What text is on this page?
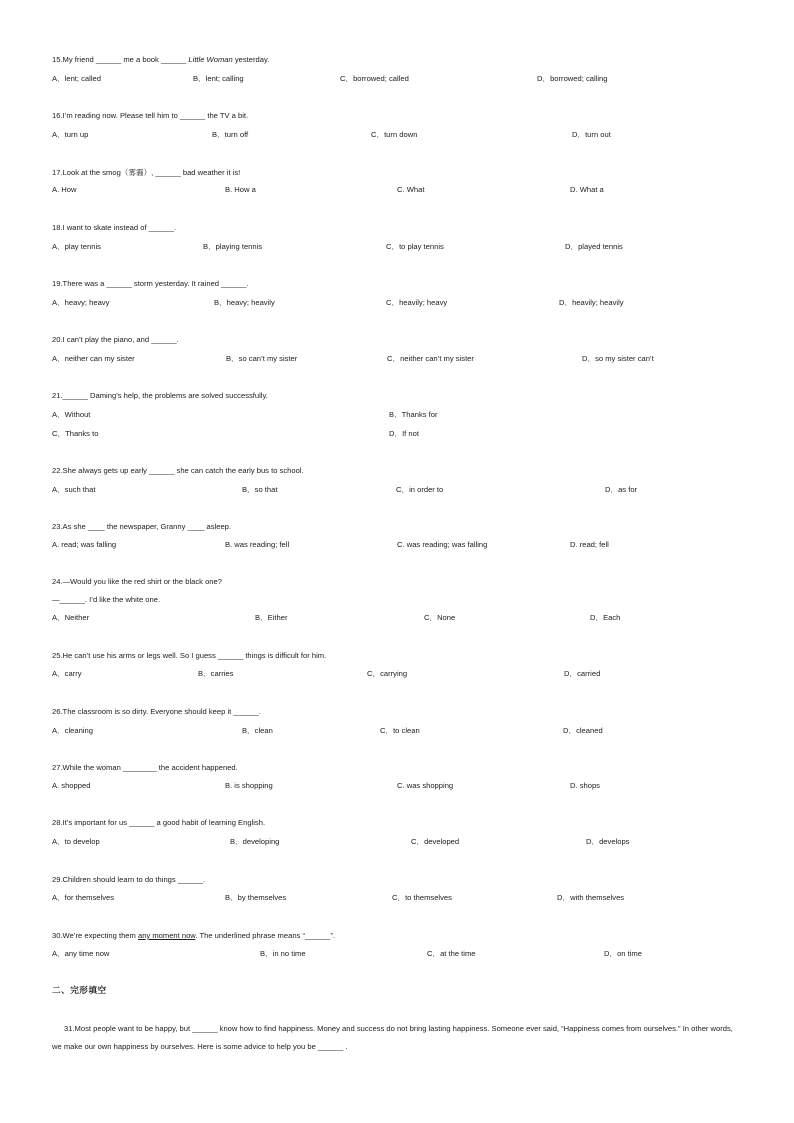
15.My friend ______ me a book ______ Little Woman yesterday.
A．lent; called	B．lent; calling	C．borrowed; called	D．borrowed; calling
16.I’m reading now. Please tell him to ______ the TV a bit.
A．turn up	B．turn off	C．turn down	D．turn out
17.Look at the smog（雾霾）, ______ bad weather it is!
A. How	B. How a	C. What	D. What a
18.I want to skate instead of ______.
A．play tennis	B．playing tennis	C．to play tennis	D．played tennis
19.There was a ______ storm yesterday. It rained ______.
A．heavy; heavy	B．heavy; heavily	C．heavily; heavy	D．heavily; heavily
20.I can’t play the piano, and ______.
A．neither can my sister	B．so can’t my sister	C．neither can’t my sister	D．so my sister can’t
21.______ Daming’s help, the problems are solved successfully.
A．Without	B．Thanks for
C．Thanks to	D．If not
22.She always gets up early ______ she can catch the early bus to school.
A．such that	B．so that	C．in order to	D．as for
23.As she ____ the newspaper, Granny ____ asleep.
A. read; was falling	B. was reading; fell	C. was reading; was falling	D. read; fell
24.—Would you like the red shirt or the black one?
—______. I’d like the white one.
A．Neither	B．Either	C．None	D．Each
25.He can’t use his arms or legs well. So I guess ______ things is difficult for him.
A．carry	B．carries	C．carrying	D．carried
26.The classroom is so dirty. Everyone should keep it ______.
A．cleaning	B．clean	C．to clean	D．cleaned
27.While the woman ________ the accident happened.
A. shopped	B. is shopping	C. was shopping	D. shops
28.It’s important for us ______ a good habit of learning English.
A．to develop	B．developing	C．developed	D．develops
29.Children should learn to do things ______.
A．for themselves	B．by themselves	C．to themselves	D．with themselves
30.We’re expecting them any moment now. The underlined phrase means “______”.
A．any time now	B．in no time	C．at the time	D．on time
二、完形填空

31.Most people want to be happy, but ______ know how to find happiness. Money and success do not bring lasting happiness. Someone ever said, “Happiness comes from ourselves.” In other words, we make our own happiness by ourselves. Here is some advice to help you be ______ .
